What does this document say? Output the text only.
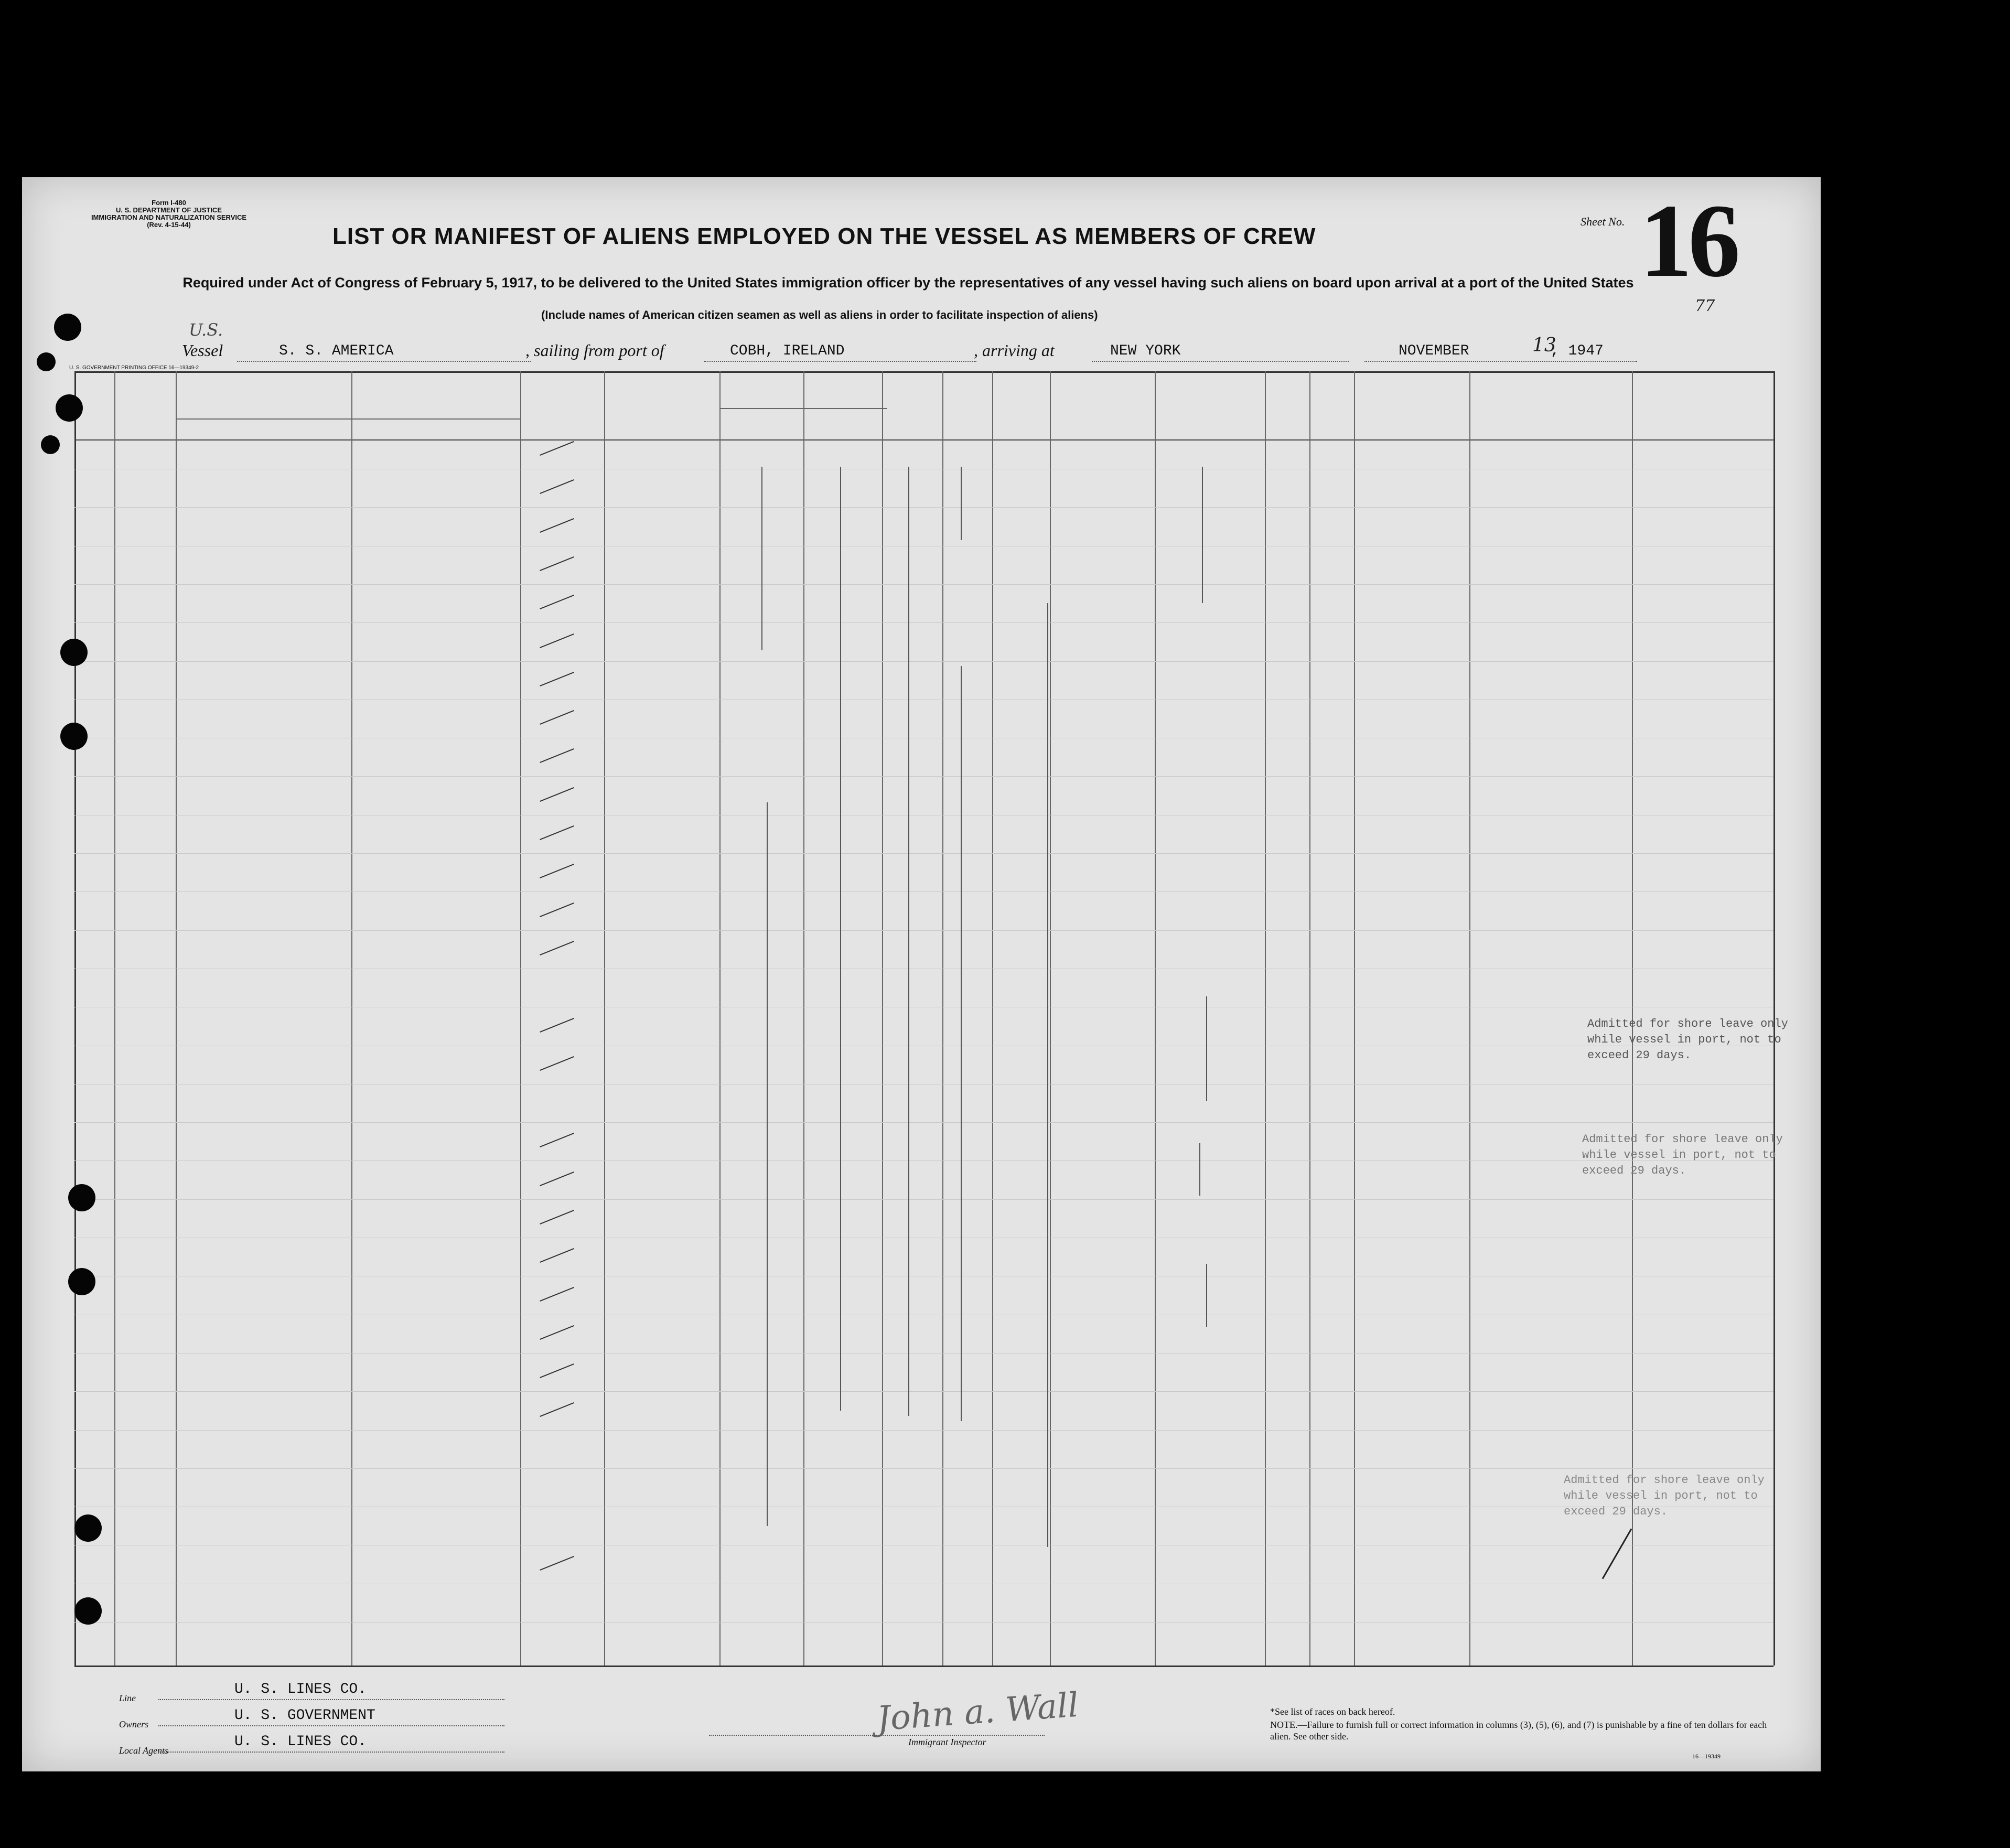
Form I-480
U. S. DEPARTMENT OF JUSTICE
IMMIGRATION AND NATURALIZATION SERVICE
(Rev. 4-15-44)	LIST OR MANIFEST OF ALIENS EMPLOYED ON THE VESSEL AS MEMBERS OF CREW
Sheet No. 16
77
Required under Act of Congress of February 5, 1917, to be delivered to the United States immigration officer by the representatives of any vessel having such aliens on board upon arrival at a port of the United States
(Include names of American citizen seamen as well as aliens in order to facilitate inspection of aliens)
U.S.
Vessel	S. S. AMERICA	, sailing from port of	COBH, IRELAND	, arriving at	NEW YORK	NOVEMBER	13
, 1947
U. S. GOVERNMENT PRINTING OFFICE 16—19349-2
Admitted for shore leave only while vessel in port, not to exceed 29 days.
Admitted for shore leave only while vessel in port, not to exceed 29 days.
Admitted for shore leave only while vessel in port, not to exceed 29 days.
Line
U. S. LINES CO.
Owners
U. S. GOVERNMENT
Local Agents
U. S. LINES CO.
John a. Wall
Immigrant Inspector
*See list of races on back hereof.
NOTE.—Failure to furnish full or correct information in columns (3), (5), (6), and (7) is punishable by a fine of ten dollars for each alien. See other side.
16—19349
